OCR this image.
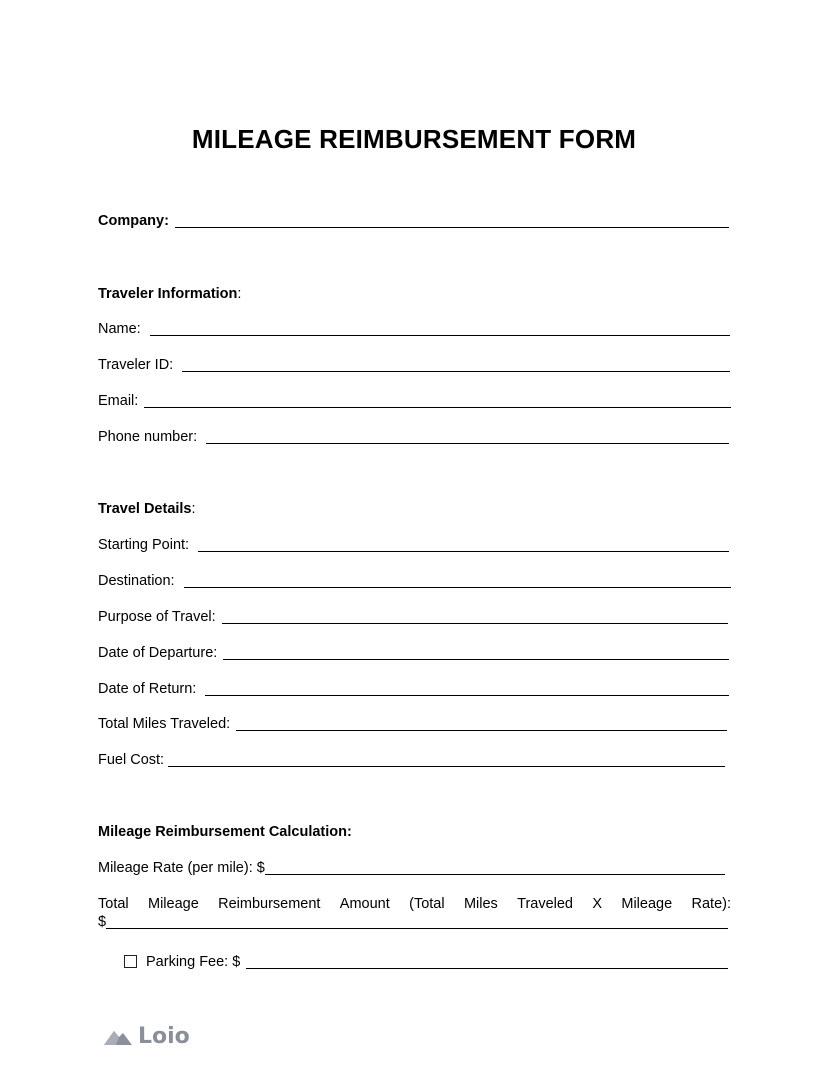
MILEAGE REIMBURSEMENT FORM
Company:
Traveler Information:
Name:
Traveler ID:
Email:
Phone number:
Travel Details:
Starting Point:
Destination:
Purpose of Travel:
Date of Departure:
Date of Return:
Total Miles Traveled:
Fuel Cost:
Mileage Reimbursement Calculation:
Mileage Rate (per mile): $
Total Mileage Reimbursement Amount (Total Miles Traveled X Mileage Rate):
$
Parking Fee: $
Loio
